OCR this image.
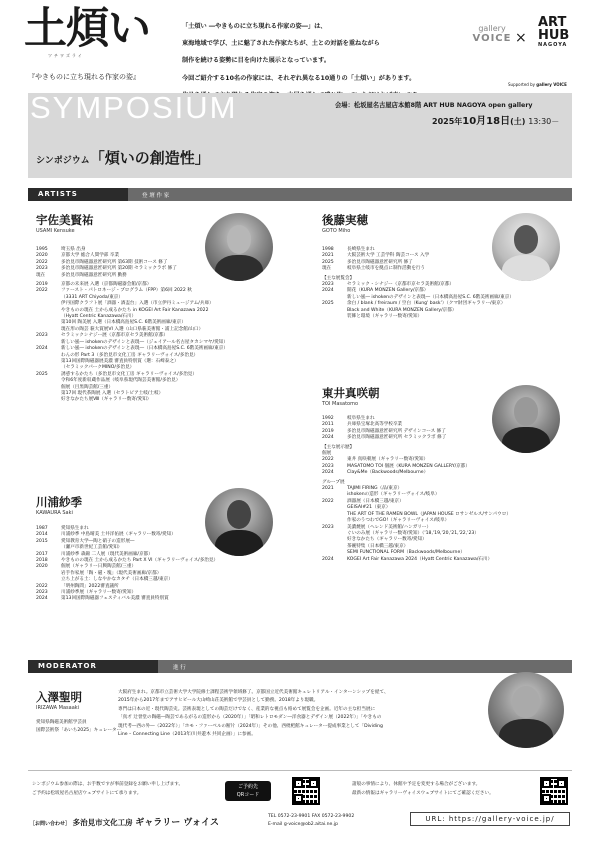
土煩い
ツチワズライ
『やきものに立ち現れる作家の姿』
「土煩い ―やきものに立ち現れる作家の姿―」は、
東海地域で学び、土に魅了された作家たちが、土との対話を重ねながら
制作を続ける姿勢に目を向けた展示となっています。
今回ご紹介する10名の作家には、それぞれ異なる10通りの「土煩い」があります。
gallery
VOICE ×
ART
HUB
NAGOYA
Supported by gallery VOICE
SYMPOSIUM	会場：松坂屋名古屋店本館8階 ART HUB NAGOYA open gallery
2025年10月18日(土) 13:30－
シンポジウム「煩いの創造性」
ARTISTS	登 壇 作 家
宇佐美賢祐
USAMI Kensuke
1995	埼玉県 出身
2020	京都大学 総合人間学部 卒業
2022	多治見市陶磁器意匠研究所 第63期 技術コース 修了
2023	多治見市陶磁器意匠研究所 第20期 セラミックラボ 修了
現在	多治見市陶磁器意匠研究所 勤務
2019	京都の未来展 入選（京都陶磁器会館/京都）
2022	ファースト・パトロネージ・プログラム（FPP）第6回 2022 秋
（3331 ART Chiyoda/東京）
伊丹国際クラフト展「酒器・酒盃台」入選（市立伊丹ミュージアム/兵庫）
やきものの現在 土から成るかたち in KOGEI Art Fair Kanazawa 2022
（Hyatt Centric Kanazawa/石川）
第10回 陶美展 入選（日本橋高島屋S.C. 6階美術画廊/東京）
現在形の陶芸 萩大賞展VI 入選（山口県萩美術館・浦上記念館/山口）
2023	セラミックシナジー展（京都市京セラ美術館/京都）
新しい風― ishokenのデザインと表現―（ジェイアール名古屋タカシマヤ/愛知）
2024	新しい風― ishokenのデザインと表現―（日本橋高島屋S.C. 6階美術画廊/東京）
わんの形 Part 3（多治見市文化工房 ギャラリーヴォイス/多治見）
第13回国際陶磁器展美濃 審査員特別賞（選：石崎泰之）
（セラミックパークMINO/多治見）
2025	誘惑するかたち（多治見市文化工房 ギャラリーヴォイス/多治見）
令和6年度新収蔵作品展（岐阜県現代陶芸美術館/多治見）
個展（目黒陶芸館/三重）
第17回 現代茶陶展 入選（セラトピア土岐/土岐）
好きなかたち展Ⅷ（ギャラリー数寄/愛知）
後藤実穂
GOTO Miho
1998	長崎県生まれ
2021	大阪芸術大学 工芸学科 陶芸コース 入学
2025	多治見市陶磁器意匠研究所 修了
現在	岐阜県土岐市を拠点に制作活動を行う
【主な展覧会】
2023	セラミック・シナジー（京都市京セラ美術館/京都）
2024	開花（KURA MONZEN Gallery/京都）
新しい風― ishokenのデザインと表現―（日本橋高島屋S.C. 6階美術画廊/東京）
2025	余白 / blank / freiraum / 空白（Kung' bask'）（クマ財団ギャラリー/東京）
Black and White（KURA MONZEN Gallery/京都）
装飾と環境（ギャラリー数寄/愛知）
東井真咲朝
TOI Masatomo
1992	岐阜県生まれ
2011	兵庫県宝塚北高等学校卒業
2019	多治見市陶磁器意匠研究所 デザインコース 修了
2024	多治見市陶磁器意匠研究所 セラミックラボ 修了
【主な展示歴】
個展
2022	東井 真咲朝展（ギャラリー数寄/愛知）
2023	MASATOMO TOI 個展（KURA MONZEN GALLERY/京都）
2024	Clay&Me（Backwoods/Melbourne）
グループ展
2021	TAJIMI FIRING（品/東京）
ishokenの造形（ギャラリーヴォイス/岐阜）
2022	酒器展（日本橋三越/東京）
GEISAI#21（東京）
THE ART OF THE RAMEN BOWL（JAPAN HOUSE ロサンゼルス/サンパウロ）
作家のうつわでGO!（ギャラリーヴォイス/岐阜）
2023	美濃焼展（ヘレンド美術館/ハンガリー）
ぐいのみ展（ギャラリー数寄/愛知）（'18,'19,'20,'21,'22,'23）
好きなかたち（ギャラリー数寄/愛知）
茶碗特集（日本橋三越/東京）
SEMI FUNCTIONAL FORM（Backwoods/Melbourne）
2024	KOGEI Art Fair Kanazawa 2024（Hyatt Centric Kanazawa/石川）
川浦紗季
KAWAURA Saki
1987	愛知県生まれ
2014	川浦紗季 中島晴美 土井洋佑展（ギャラリー数寄/愛知）
2015	愛知教育大学―陶と硝子の造形展―
（瀬戸市新世紀工芸館/愛知）
2017	川浦紗季 森錦 二人展（現代美術画廊/京都）
2018	やきものの現在 土から成るかたち Part X VI（ギャラリーヴォイス/多治見）
2020	個展（ギャラリー日興陶芸館/三重）
岩手作家展「陶・磁・塊」（現代美術画廊/京都）
立ち上がる土：しなやかなカタチ（日本橋三越/東京）
2022	「明州陶問」2022審査議所
2023	川浦紗季展（ギャラリー数寄/愛知）
2024	第13回国際陶磁器フェスティバル美濃 審査員特別賞
MODERATOR	進 行
入澤聖明
IRIZAWA Masaaki
愛知県陶磁美術館学芸員
国際芸術祭「あいち2025」キュレーター
大阪府生まれ。京都市立芸術大学大学院修士課程芸術学領域修了。京都国立近代美術館キュレトリアル・インターンシップを経て、
2015年から2017年までアサヒビール大山崎山荘美術館で学芸員として勤務。2018年より現職。
専門は日本の近・現代陶芸史。芸術表現としての陶芸だけでなく、産業的な視点も絡めて展覧会を企画。近年の主な担当展に
「真才 辻誉堂の陶磁―陶芸であるがるの造形から（2020年）」「昭和レトロモダン―洋食器とデザイン展（2022年）」「やきもの
現代考―西の外―（2022年）」「ホモ・ファーベルの断片（2024年）」その他、西枇杷館キュレーター提成事業として「Dividing
Line – Connecting Line（2013年/川井遊木 共同企画）」に参画。
シンポジウム参加の際は、お手数ですが事前登録をお願い申し上げます。
ご予約は松坂屋名古屋店ウェブサイトにて承ります。
ご予約先
QRコード
諸般の事情により、休館や予定を変更する場合がございます。
最新の情報はギャラリーヴォイスウェブサイトにてご確認ください。
［お問い合わせ］ 多治見市文化工房 ギャラリー ヴォイス
TEL 0572-23-9901 FAX 0572-23-9902
E-mail g-voice@ob2.aitai.ne.jp
URL: https://gallery-voice.jp/
